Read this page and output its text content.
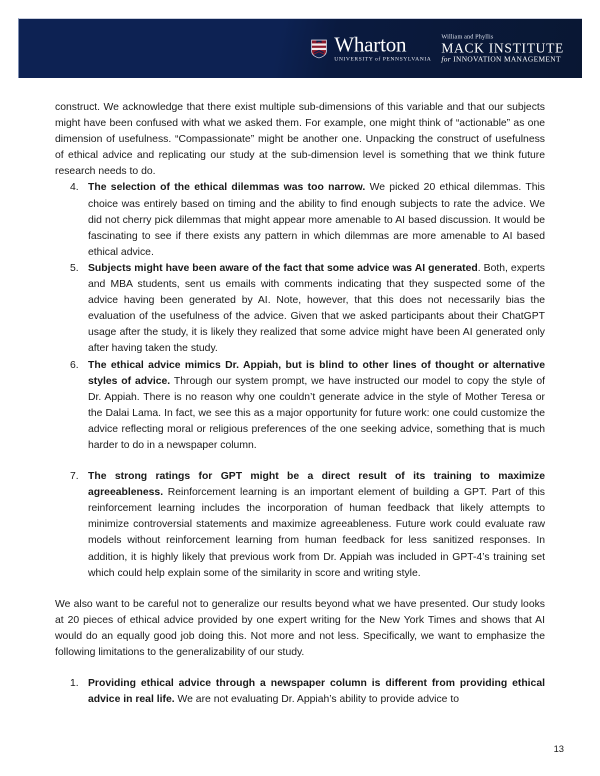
Wharton
UNIVERSITY of PENNSYLVANIA
William and Phyllis
MACK INSTITUTE
for INNOVATION MANAGEMENT

construct. We acknowledge that there exist multiple sub-dimensions of this variable and that our subjects might have been confused with what we asked them. For example, one might think of “actionable” as one dimension of usefulness. “Compassionate” might be another one. Unpacking the construct of usefulness of ethical advice and replicating our study at the sub-dimension level is something that we think future research needs to do.

4. The selection of the ethical dilemmas was too narrow. We picked 20 ethical dilemmas. This choice was entirely based on timing and the ability to find enough subjects to rate the advice. We did not cherry pick dilemmas that might appear more amenable to AI based discussion. It would be fascinating to see if there exists any pattern in which dilemmas are more amenable to AI based ethical advice.
5. Subjects might have been aware of the fact that some advice was AI generated. Both, experts and MBA students, sent us emails with comments indicating that they suspected some of the advice having been generated by AI. Note, however, that this does not necessarily bias the evaluation of the usefulness of the advice. Given that we asked participants about their ChatGPT usage after the study, it is likely they realized that some advice might have been AI generated only after having taken the study.
6. The ethical advice mimics Dr. Appiah, but is blind to other lines of thought or alternative styles of advice. Through our system prompt, we have instructed our model to copy the style of Dr. Appiah. There is no reason why one couldn’t generate advice in the style of Mother Teresa or the Dalai Lama. In fact, we see this as a major opportunity for future work: one could customize the advice reflecting moral or religious preferences of the one seeking advice, something that is much harder to do in a newspaper column.
7. The strong ratings for GPT might be a direct result of its training to maximize agreeableness. Reinforcement learning is an important element of building a GPT. Part of this reinforcement learning includes the incorporation of human feedback that likely attempts to minimize controversial statements and maximize agreeableness. Future work could evaluate raw models without reinforcement learning from human feedback for less sanitized responses. In addition, it is highly likely that previous work from Dr. Appiah was included in GPT-4’s training set which could help explain some of the similarity in score and writing style.

We also want to be careful not to generalize our results beyond what we have presented. Our study looks at 20 pieces of ethical advice provided by one expert writing for the New York Times and shows that AI would do an equally good job doing this. Not more and not less. Specifically, we want to emphasize the following limitations to the generalizability of our study.

1. Providing ethical advice through a newspaper column is different from providing ethical advice in real life. We are not evaluating Dr. Appiah’s ability to provide advice to
13
